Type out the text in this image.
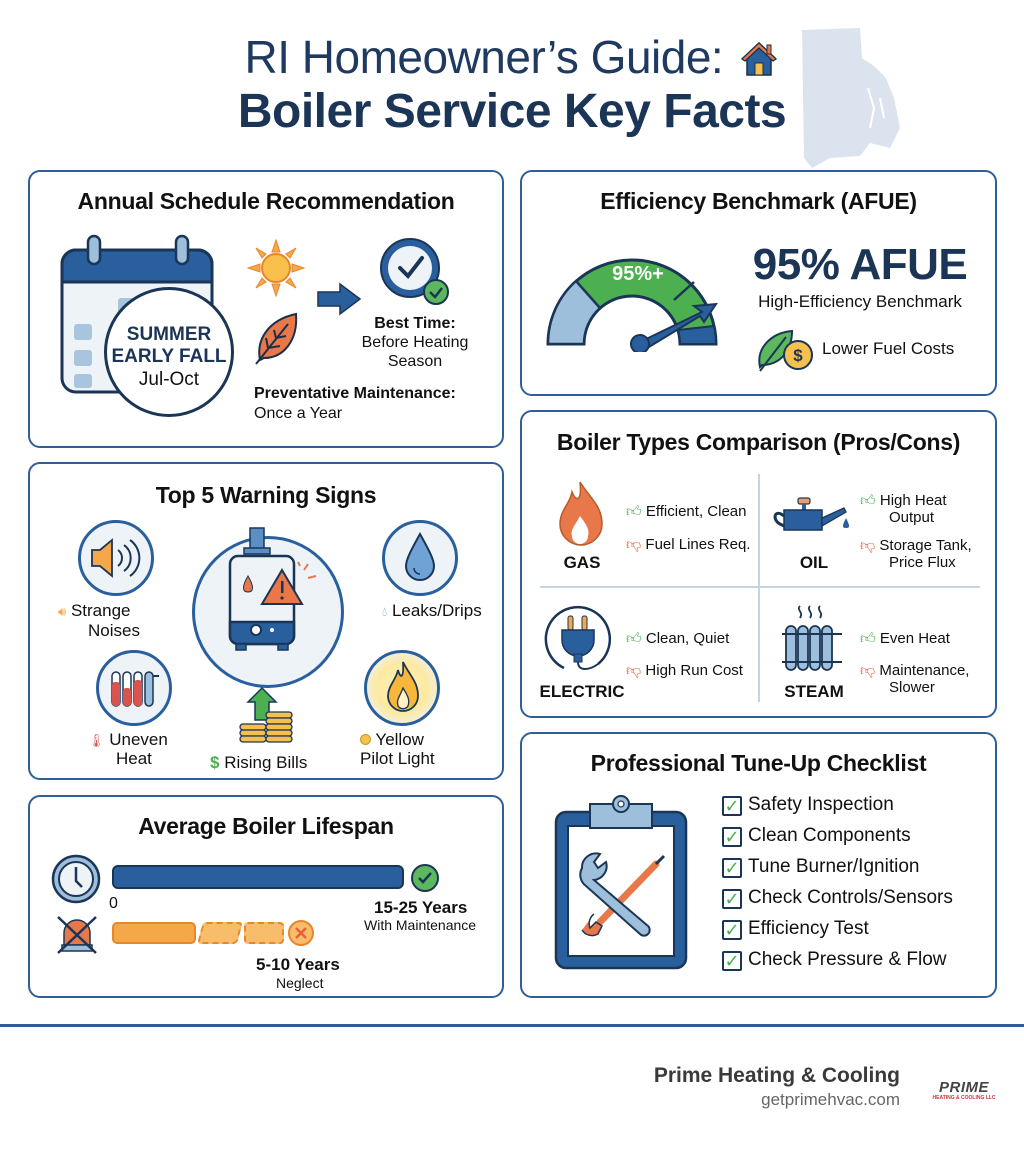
RI Homeowner’s Guide:
Boiler Service Key Facts
Annual Schedule Recommendation
SUMMER
EARLY FALL
Jul-Oct
Best Time:
Before Heating
Season
Preventative Maintenance:
Once a Year
Efficiency Benchmark (AFUE)
95%+ 95% AFUE
High-Efficiency Benchmark
$ Lower Fuel Costs
Top 5 Warning Signs
🔊︎ Strange
Noises
💧︎ Leaks/Drips
🌡︎ Uneven
Heat	$ Rising Bills
Yellow
Pilot Light
Boiler Types Comparison (Pros/Cons)
GAS
👍︎ Efficient, Clean
👎︎ Fuel Lines Req.
OIL
👍︎ High Heat
Output
👎︎ Storage Tank,
Price Flux
ELECTRIC
👍︎ Clean, Quiet
👎︎ High Run Cost
STEAM
👍︎ Even Heat
👎︎ Maintenance,
Slower
Average Boiler Lifespan
0	15-25 Years
With Maintenance
5-10 Years
Neglect
Professional Tune-Up Checklist
✓ Safety Inspection
✓ Clean Components
✓ Tune Burner/Ignition
✓ Check Controls/Sensors
✓ Efficiency Test
✓ Check Pressure & Flow
Prime Heating & Cooling
getprimehvac.com
PRIME
HEATING & COOLING LLC
